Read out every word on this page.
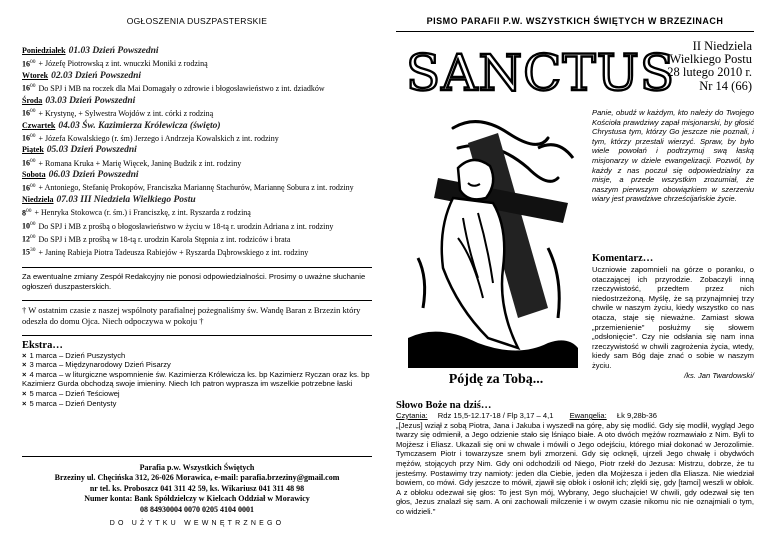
OGŁOSZENIA DUSZPASTERSKIE
Poniedziałek 01.03 Dzień Powszedni
$16^{00}$ + Józefę Piotrowską z int. wnuczki Moniki z rodziną
Wtorek 02.03 Dzień Powszedni
$16^{00}$ Do SPJ i MB na roczek dla Mai Domagały o zdrowie i błogosławieństwo z int. dziadków
Środa 03.03 Dzień Powszedni
$16^{00}$ + Krystynę, + Sylwestra Wojdów z int. córki z rodziną
Czwartek 04.03 Św. Kazimierza Królewicza (święto)
$16^{00}$ + Józefa Kowalskiego (r. śm) Jerzego i Andrzeja Kowalskich z int. rodziny
Piątek 05.03 Dzień Powszedni
$16^{00}$ + Romana Kruka + Marię Więcek, Janinę Budzik z int. rodziny
Sobota 06.03 Dzień Powszedni
$16^{00}$ + Antoniego, Stefanię Prokopów, Franciszka Mariannę Stachurów, Mariannę Sobura z int. rodziny
Niedziela 07.03 III Niedziela Wielkiego Postu
$8^{00}$ + Henryka Stokowca (r. śm.) i Franciszkę, z int. Ryszarda z rodziną
$10^{00}$ Do SPJ i MB z prośbą o błogosławieństwo w życiu w 18-tą r. urodzin Adriana z int. rodziny
$12^{00}$ Do SPJ i MB z prośbą w 18-tą r. urodzin Karola Stępnia z int. rodziców i brata
$15^{30}$ + Janinę Rabieja Piotra Tadeusza Rabiejów + Ryszarda Dąbrowskiego z int. rodziny
Za ewentualne zmiany Zespół Redakcyjny nie ponosi odpowiedzialności. Prosimy o uważne słuchanie ogłoszeń duszpasterskich.
† W ostatnim czasie z naszej wspólnoty parafialnej pożegnaliśmy św. Wandę Baran z Brzezin który odeszła do domu Ojca. Niech odpoczywa w pokoju †
Ekstra…
× 1 marca – Dzień Puszystych
× 3 marca – Międzynarodowy Dzień Pisarzy
× 4 marca – w liturgiczne wspomnienie św. Kazimierza Królewicza ks. bp Kazimierz Ryczan oraz ks. bp Kazimierz Gurda obchodzą swoje imieniny. Niech Ich patron wyprasza im wszelkie potrzebne łaski
× 5 marca – Dzień Teściowej
× 5 marca – Dzień Dentysty
Parafia p.w. Wszystkich Świętych
Brzeziny ul. Chęcińska 312, 26-026 Morawica, e-mail: parafia.brzeziny@gmail.com
nr tel. ks. Proboszcz 041 311 42 59, ks. Wikariusz 041 311 48 98
Numer konta: Bank Spółdzielczy w Kielcach Oddział w Morawicy
08 84930004 0070 0205 4104 0001
DO UŻYTKU WEWNĘTRZNEGO
PISMO PARAFII P.W. WSZYSTKICH ŚWIĘTYCH W BRZEZINACH
SANCTUS	II Niedziela
Wielkiego Postu
28 lutego 2010 r.
Nr 14 (66)
Pójdę za Tobą...
Panie, obudź w każdym, kto należy do Twojego Kościoła prawdziwy zapał misjonarski, by głosić Chrystusa tym, którzy Go jeszcze nie poznali, i tym, którzy przestali wierzyć. Spraw, by było wiele powołań i podtrzymuj swą łaską misjonarzy w dziele ewangelizacji. Pozwól, by każdy z nas poczuł się odpowiedzialny za misje, a przede wszystkim zrozumiał, że naszym pierwszym obowiązkiem w szerzeniu wiary jest prawdziwe chrześcijańskie życie.
Komentarz…
Uczniowie zapomnieli na górze o poranku, o otaczającej ich przyrodzie. Zobaczyli inną rzeczywistość, przedtem przez nich niedostrzeżoną. Myślę, że są przynajmniej trzy chwile w naszym życiu, kiedy wszystko co nas otacza, staje się nieważne. Zamiast słowa „przemienienie" posłużmy się słowem „odsłonięcie". Czy nie odsłania się nam inna rzeczywistość w chwili zagrożenia życia, wtedy, kiedy sam Bóg daje znać o sobie w naszym życiu.
/ks. Jan Twardowski/
Słowo Boże na dziś…
Czytania: Rdz 15,5-12.17-18 / Flp 3,17 – 4,1 Ewangelia: Łk 9,28b-36
„[Jezus] wziął z sobą Piotra, Jana i Jakuba i wyszedł na górę, aby się modlić. Gdy się modlił, wygląd Jego twarzy się odmienił, a Jego odzienie stało się lśniąco białe. A oto dwóch mężów rozmawiało z Nim. Byli to Mojżesz i Eliasz. Ukazali się oni w chwale i mówili o Jego odejściu, którego miał dokonać w Jerozolimie. Tymczasem Piotr i towarzysze snem byli zmorzeni. Gdy się ocknęli, ujrzeli Jego chwałę i obydwóch mężów, stojących przy Nim. Gdy oni odchodzili od Niego, Piotr rzekł do Jezusa: Mistrzu, dobrze, że tu jesteśmy. Postawimy trzy namioty: jeden dla Ciebie, jeden dla Mojżesza i jeden dla Eliasza. Nie wiedział bowiem, co mówi. Gdy jeszcze to mówił, zjawił się obłok i osłonił ich; zlękli się, gdy [tamci] weszli w obłok. A z obłoku odezwał się głos: To jest Syn mój, Wybrany, Jego słuchajcie! W chwili, gdy odezwał się ten głos, Jezus znalazł się sam. A oni zachowali milczenie i w owym czasie nikomu nic nie oznajmiali o tym, co widzieli."
